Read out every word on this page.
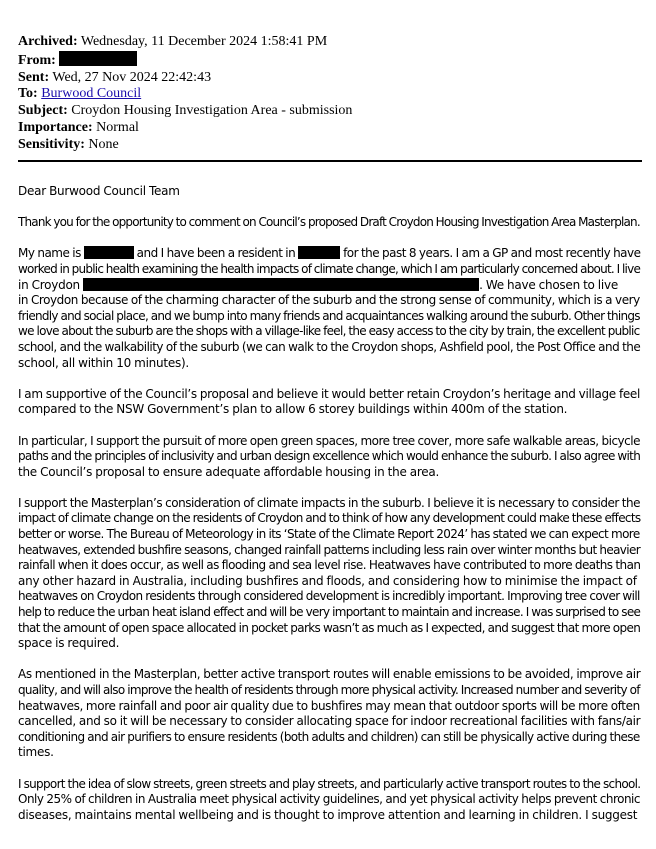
Archived: Wednesday, 11 December 2024 1:58:41 PM
From:
Sent: Wed, 27 Nov 2024 22:42:43
To: Burwood Council
Subject: Croydon Housing Investigation Area - submission
Importance: Normal
Sensitivity: None
Dear Burwood Council Team
Thank you for the opportunity to comment on Council’s proposed Draft Croydon Housing Investigation Area Masterplan.
My name is	and I have been a resident in	for the past 8 years. I am a GP and most recently have
worked in public health examining the health impacts of climate change, which I am particularly concerned about. I live
in Croydon	. We have chosen to live
in Croydon because of the charming character of the suburb and the strong sense of community, which is a very
friendly and social place, and we bump into many friends and acquaintances walking around the suburb. Other things
we love about the suburb are the shops with a village-like feel, the easy access to the city by train, the excellent public
school, and the walkability of the suburb (we can walk to the Croydon shops, Ashfield pool, the Post Office and the
school, all within 10 minutes).
I am supportive of the Council’s proposal and believe it would better retain Croydon’s heritage and village feel
compared to the NSW Government’s plan to allow 6 storey buildings within 400m of the station.
In particular, I support the pursuit of more open green spaces, more tree cover, more safe walkable areas, bicycle
paths and the principles of inclusivity and urban design excellence which would enhance the suburb. I also agree with
the Council’s proposal to ensure adequate affordable housing in the area.
I support the Masterplan’s consideration of climate impacts in the suburb. I believe it is necessary to consider the
impact of climate change on the residents of Croydon and to think of how any development could make these effects
better or worse. The Bureau of Meteorology in its ‘State of the Climate Report 2024’ has stated we can expect more
heatwaves, extended bushfire seasons, changed rainfall patterns including less rain over winter months but heavier
rainfall when it does occur, as well as flooding and sea level rise. Heatwaves have contributed to more deaths than
any other hazard in Australia, including bushfires and floods, and considering how to minimise the impact of
heatwaves on Croydon residents through considered development is incredibly important. Improving tree cover will
help to reduce the urban heat island effect and will be very important to maintain and increase. I was surprised to see
that the amount of open space allocated in pocket parks wasn’t as much as I expected, and suggest that more open
space is required.
As mentioned in the Masterplan, better active transport routes will enable emissions to be avoided, improve air
quality, and will also improve the health of residents through more physical activity. Increased number and severity of
heatwaves, more rainfall and poor air quality due to bushfires may mean that outdoor sports will be more often
cancelled, and so it will be necessary to consider allocating space for indoor recreational facilities with fans/air
conditioning and air purifiers to ensure residents (both adults and children) can still be physically active during these
times.
I support the idea of slow streets, green streets and play streets, and particularly active transport routes to the school.
Only 25% of children in Australia meet physical activity guidelines, and yet physical activity helps prevent chronic
diseases, maintains mental wellbeing and is thought to improve attention and learning in children. I suggest
